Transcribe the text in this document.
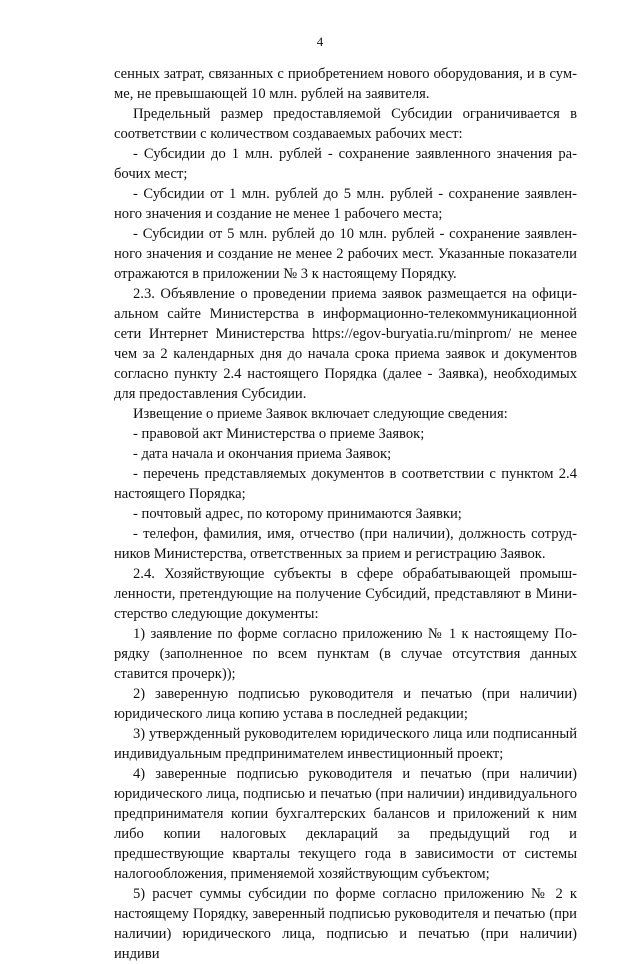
4

сенных затрат, связанных с приобретением нового оборудования, и в сумме, не превышающей 10 млн. рублей на заявителя.

Предельный размер предоставляемой Субсидии ограничивается в соответствии с количеством создаваемых рабочих мест:

- Субсидии до 1 млн. рублей - сохранение заявленного значения рабочих мест;

- Субсидии от 1 млн. рублей до 5 млн. рублей - сохранение заявленного значения и создание не менее 1 рабочего места;

- Субсидии от 5 млн. рублей до 10 млн. рублей - сохранение заявленного значения и создание не менее 2 рабочих мест. Указанные показатели отражаются в приложении № 3 к настоящему Порядку.

2.3. Объявление о проведении приема заявок размещается на официальном сайте Министерства в информационно-телекоммуникационной сети Интернет Министерства https://egov-buryatia.ru/minprom/ не менее чем за 2 календарных дня до начала срока приема заявок и документов согласно пункту 2.4 настоящего Порядка (далее - Заявка), необходимых для предоставления Субсидии.

Извещение о приеме Заявок включает следующие сведения:

- правовой акт Министерства о приеме Заявок;

- дата начала и окончания приема Заявок;

- перечень представляемых документов в соответствии с пунктом 2.4 настоящего Порядка;

- почтовый адрес, по которому принимаются Заявки;

- телефон, фамилия, имя, отчество (при наличии), должность сотрудников Министерства, ответственных за прием и регистрацию Заявок.

2.4. Хозяйствующие субъекты в сфере обрабатывающей промышленности, претендующие на получение Субсидий, представляют в Министерство следующие документы:

1) заявление по форме согласно приложению № 1 к настоящему Порядку (заполненное по всем пунктам (в случае отсутствия данных ставится прочерк));

2) заверенную подписью руководителя и печатью (при наличии) юридического лица копию устава в последней редакции;

3) утвержденный руководителем юридического лица или подписанный индивидуальным предпринимателем инвестиционный проект;

4) заверенные подписью руководителя и печатью (при наличии) юридического лица, подписью и печатью (при наличии) индивидуального предпринимателя копии бухгалтерских балансов и приложений к ним либо копии налоговых деклараций за предыдущий год и предшествующие кварталы текущего года в зависимости от системы налогообложения, применяемой хозяйствующим субъектом;

5) расчет суммы субсидии по форме согласно приложению № 2 к настоящему Порядку, заверенный подписью руководителя и печатью (при наличии) юридического лица, подписью и печатью (при наличии) индиви
